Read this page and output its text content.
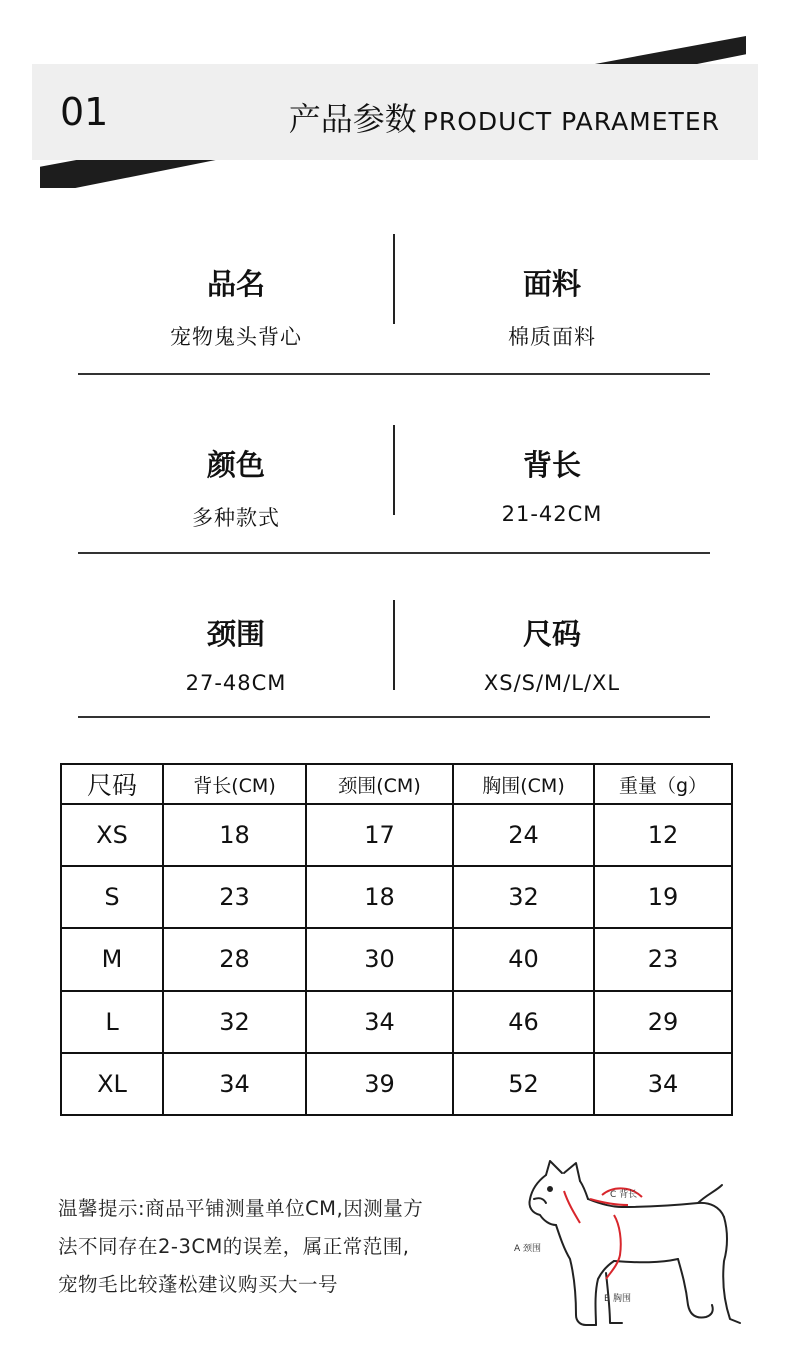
01	产品参数 PRODUCT PARAMETER
品名
宠物鬼头背心
面料
棉质面料
颜色
多种款式
背长
21-42CM
颈围
27-48CM
尺码
XS/S/M/L/XL
尺码	背长(CM)	颈围(CM)	胸围(CM)	重量（g）
XS	18	17	24	12
S	23	18	32	19
M	28	30	40	23
L	32	34	46	29
XL	34	39	52	34
温馨提示:商品平铺测量单位CM,因测量方
法不同存在2-3CM的误差，属正常范围,
宠物毛比较蓬松建议购买大一号
C 背长
A 颈围
B 胸围
